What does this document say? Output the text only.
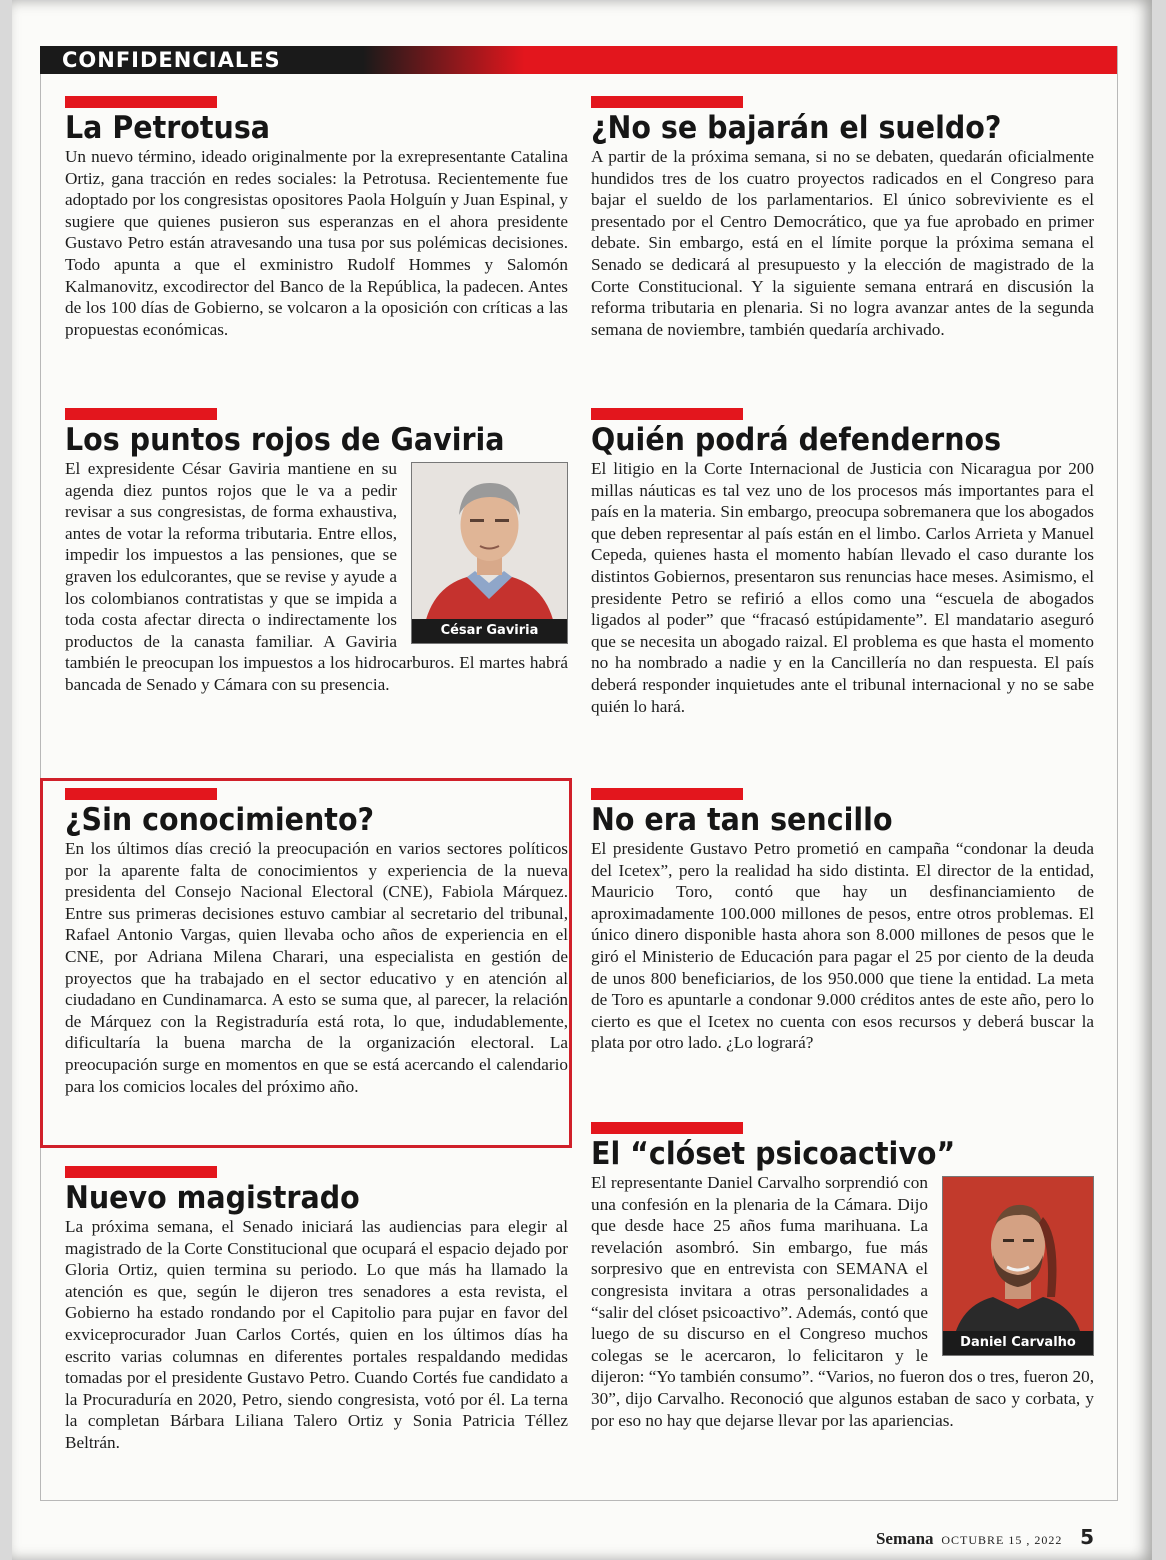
CONFIDENCIALES
La Petrotusa

Un nuevo término, ideado originalmente por la exrepresentante Catalina Ortiz, gana tracción en redes sociales: la Petrotusa. Recientemente fue adoptado por los congresistas opositores Paola Holguín y Juan Espinal, y sugiere que quienes pusieron sus esperanzas en el ahora presidente Gustavo Petro están atravesando una tusa por sus polémicas decisiones. Todo apunta a que el exministro Rudolf Hommes y Salomón Kalmanovitz, excodirector del Banco de la República, la padecen. Antes de los 100 días de Gobierno, se volcaron a la oposición con críticas a las propuestas económicas.

Los puntos rojos de Gaviria
César Gaviria

El expresidente César Gaviria mantiene en su agenda diez puntos rojos que le va a pedir revisar a sus congresistas, de forma exhaustiva, antes de votar la reforma tributaria. Entre ellos, impedir los impuestos a las pensiones, que se graven los edulcorantes, que se revise y ayude a los colombianos contratistas y que se impida a toda costa afectar directa o indirectamente los productos de la canasta familiar. A Gaviria también le preocupan los impuestos a los hidrocarburos. El martes habrá bancada de Senado y Cámara con su presencia.

¿Sin conocimiento?

En los últimos días creció la preocupación en varios sectores políticos por la aparente falta de conocimientos y experiencia de la nueva presidenta del Consejo Nacional Electoral (CNE), Fabiola Márquez. Entre sus primeras decisiones estuvo cambiar al secretario del tribunal, Rafael Antonio Vargas, quien llevaba ocho años de experiencia en el CNE, por Adriana Milena Charari, una especialista en gestión de proyectos que ha trabajado en el sector educativo y en atención al ciudadano en Cundinamarca. A esto se suma que, al parecer, la relación de Márquez con la Registraduría está rota, lo que, indudablemente, dificultaría la buena marcha de la organización electoral. La preocupación surge en momentos en que se está acercando el calendario para los comicios locales del próximo año.

Nuevo magistrado

La próxima semana, el Senado iniciará las audiencias para elegir al magistrado de la Corte Constitucional que ocupará el espacio dejado por Gloria Ortiz, quien termina su periodo. Lo que más ha llamado la atención es que, según le dijeron tres senadores a esta revista, el Gobierno ha estado rondando por el Capitolio para pujar en favor del exviceprocurador Juan Carlos Cortés, quien en los últimos días ha escrito varias columnas en diferentes portales respaldando medidas tomadas por el presidente Gustavo Petro. Cuando Cortés fue candidato a la Procuraduría en 2020, Petro, siendo congresista, votó por él. La terna la completan Bárbara Liliana Talero Ortiz y Sonia Patricia Téllez Beltrán.

¿No se bajarán el sueldo?

A partir de la próxima semana, si no se debaten, quedarán oficialmente hundidos tres de los cuatro proyectos radicados en el Congreso para bajar el sueldo de los parlamentarios. El único sobreviviente es el presentado por el Centro Democrático, que ya fue aprobado en primer debate. Sin embargo, está en el límite porque la próxima semana el Senado se dedicará al presupuesto y la elección de magistrado de la Corte Constitucional. Y la siguiente semana entrará en discusión la reforma tributaria en plenaria. Si no logra avanzar antes de la segunda semana de noviembre, también quedaría archivado.

Quién podrá defendernos

El litigio en la Corte Internacional de Justicia con Nicaragua por 200 millas náuticas es tal vez uno de los procesos más importantes para el país en la materia. Sin embargo, preocupa sobremanera que los abogados que deben representar al país están en el limbo. Carlos Arrieta y Manuel Cepeda, quienes hasta el momento habían llevado el caso durante los distintos Gobiernos, presentaron sus renuncias hace meses. Asimismo, el presidente Petro se refirió a ellos como una “escuela de abogados ligados al poder” que “fracasó estúpidamente”. El mandatario aseguró que se necesita un abogado raizal. El problema es que hasta el momento no ha nombrado a nadie y en la Cancillería no dan respuesta. El país deberá responder inquietudes ante el tribunal internacional y no se sabe quién lo hará.

No era tan sencillo

El presidente Gustavo Petro prometió en campaña “condonar la deuda del Icetex”, pero la realidad ha sido distinta. El director de la entidad, Mauricio Toro, contó que hay un desfinanciamiento de aproximadamente 100.000 millones de pesos, entre otros problemas. El único dinero disponible hasta ahora son 8.000 millones de pesos que le giró el Ministerio de Educación para pagar el 25 por ciento de la deuda de unos 800 beneficiarios, de los 950.000 que tiene la entidad. La meta de Toro es apuntarle a condonar 9.000 créditos antes de este año, pero lo cierto es que el Icetex no cuenta con esos recursos y deberá buscar la plata por otro lado. ¿Lo logrará?

El “clóset psicoactivo”
Daniel Carvalho

El representante Daniel Carvalho sorprendió con una confesión en la plenaria de la Cámara. Dijo que desde hace 25 años fuma marihuana. La revelación asombró. Sin embargo, fue más sorpresivo que en entrevista con SEMANA el congresista invitara a otras personalidades a “salir del clóset psicoactivo”. Además, contó que luego de su discurso en el Congreso muchos colegas se le acercaron, lo felicitaron y le dijeron: “Yo también consumo”. “Varios, no fueron dos o tres, fueron 20, 30”, dijo Carvalho. Reconoció que algunos estaban de saco y corbata, y por eso no hay que dejarse llevar por las apariencias.

Semana OCTUBRE 15 , 2022 5
